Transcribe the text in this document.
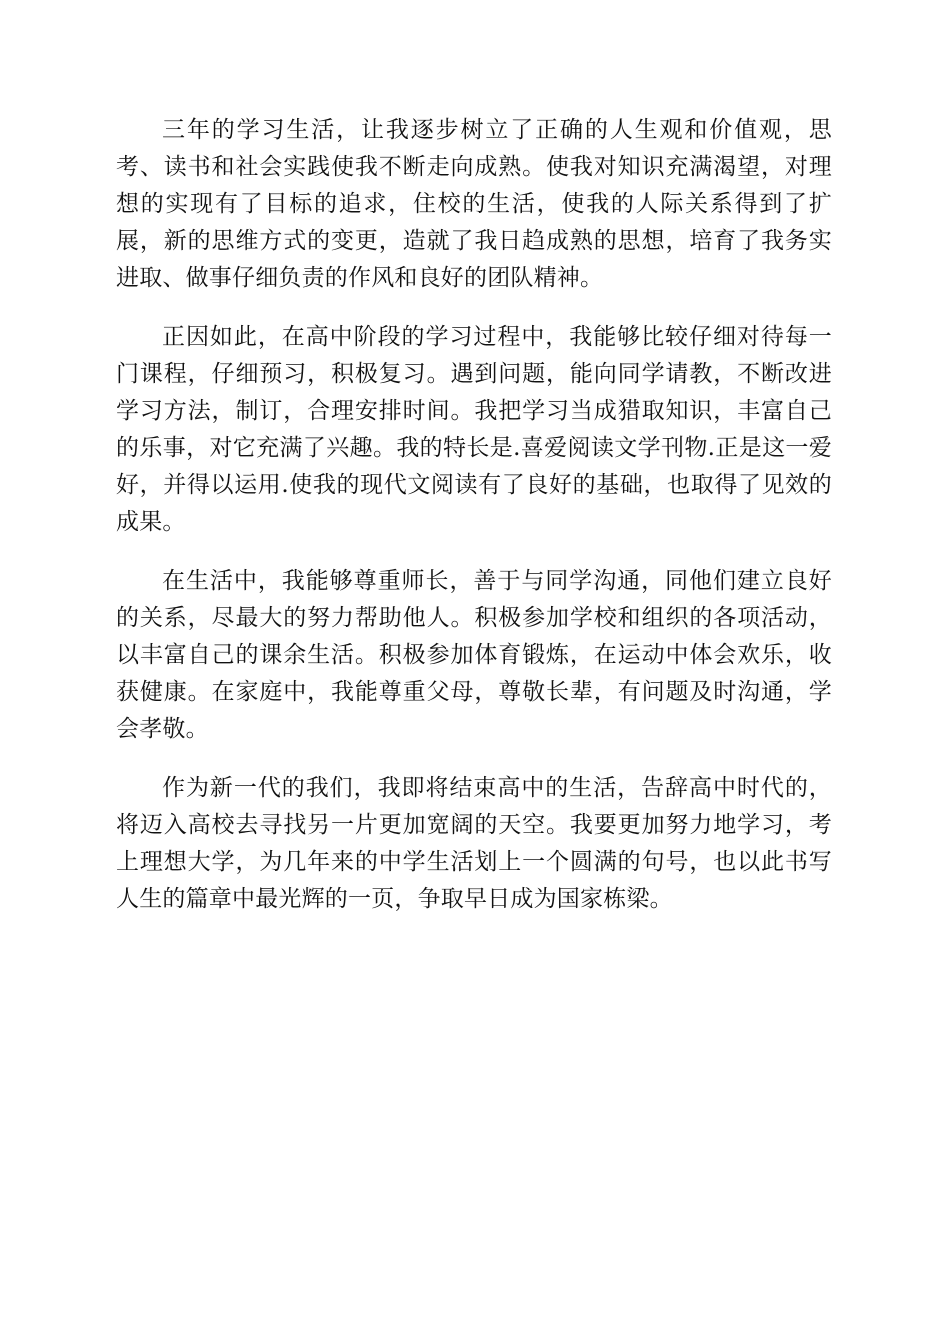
三年的学习生活，让我逐步树立了正确的人生观和价值观，思考、读书和社会实践使我不断走向成熟。使我对知识充满渴望，对理想的实现有了目标的追求，住校的生活，使我的人际关系得到了扩展，新的思维方式的变更，造就了我日趋成熟的思想，培育了我务实进取、做事仔细负责的作风和良好的团队精神。

正因如此，在高中阶段的学习过程中，我能够比较仔细对待每一门课程，仔细预习，积极复习。遇到问题，能向同学请教，不断改进学习方法，制订，合理安排时间。我把学习当成猎取知识，丰富自己的乐事，对它充满了兴趣。我的特长是.喜爱阅读文学刊物.正是这一爱好，并得以运用.使我的现代文阅读有了良好的基础，也取得了见效的成果。

在生活中，我能够尊重师长，善于与同学沟通，同他们建立良好的关系，尽最大的努力帮助他人。积极参加学校和组织的各项活动，以丰富自己的课余生活。积极参加体育锻炼，在运动中体会欢乐，收获健康。在家庭中，我能尊重父母，尊敬长辈，有问题及时沟通，学会孝敬。

作为新一代的我们，我即将结束高中的生活，告辞高中时代的，将迈入高校去寻找另一片更加宽阔的天空。我要更加努力地学习，考上理想大学，为几年来的中学生活划上一个圆满的句号，也以此书写人生的篇章中最光辉的一页，争取早日成为国家栋梁。
